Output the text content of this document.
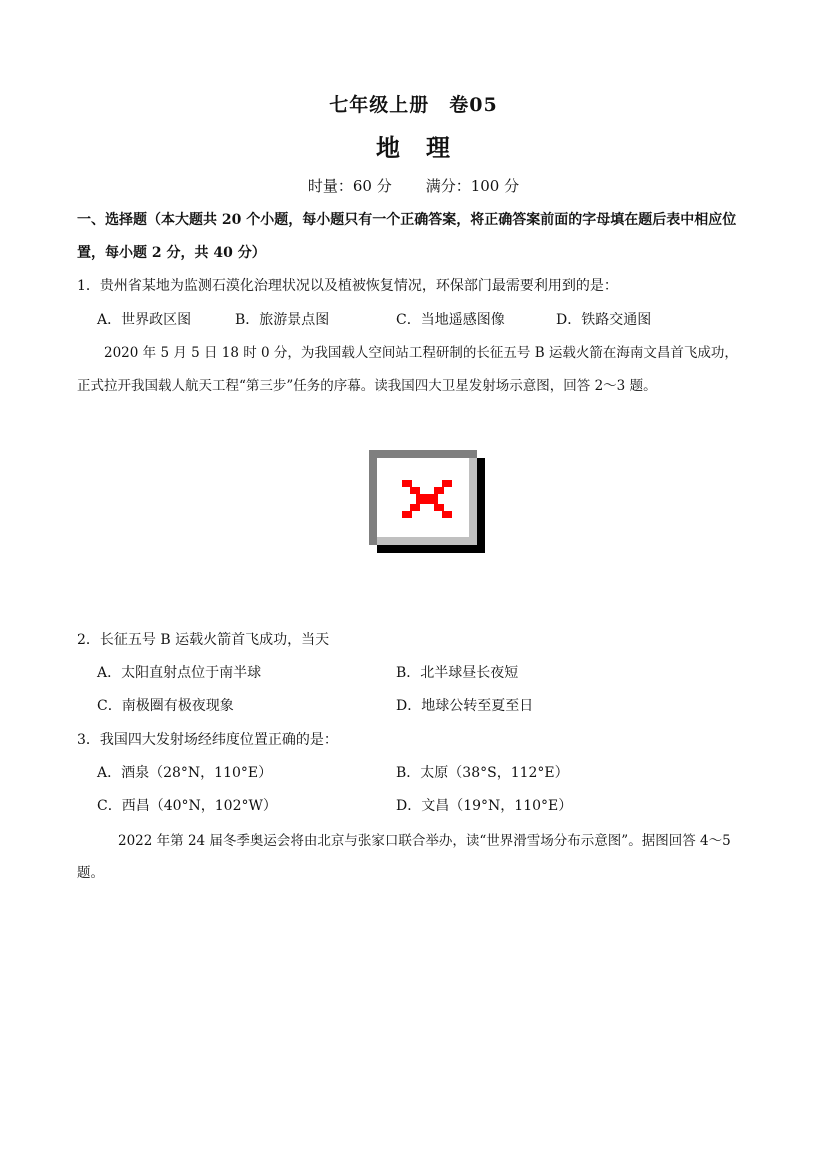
七年级上册　卷05
地　理
时量：60 分 满分：100 分
一、选择题（本大题共 20 个小题，每小题只有一个正确答案，将正确答案前面的字母填在题后表中相应位
置，每小题 2 分，共 40 分）
1．贵州省某地为监测石漠化治理状况以及植被恢复情况，环保部门最需要利用到的是：
A．世界政区图	B．旅游景点图	C．当地遥感图像	D．铁路交通图
2020 年 5 月 5 日 18 时 0 分，为我国载人空间站工程研制的长征五号 B 运载火箭在海南文昌首飞成功，
正式拉开我国载人航天工程“第三步”任务的序幕。读我国四大卫星发射场示意图，回答 2～3 题。
2．长征五号 B 运载火箭首飞成功，当天
A．太阳直射点位于南半球	B．北半球昼长夜短
C．南极圈有极夜现象	D．地球公转至夏至日
3．我国四大发射场经纬度位置正确的是：
A．酒泉（28°N，110°E）	B．太原（38°S，112°E）
C．西昌（40°N，102°W）	D．文昌（19°N，110°E）
2022 年第 24 届冬季奥运会将由北京与张家口联合举办，读“世界滑雪场分布示意图”。据图回答 4～5
题。
